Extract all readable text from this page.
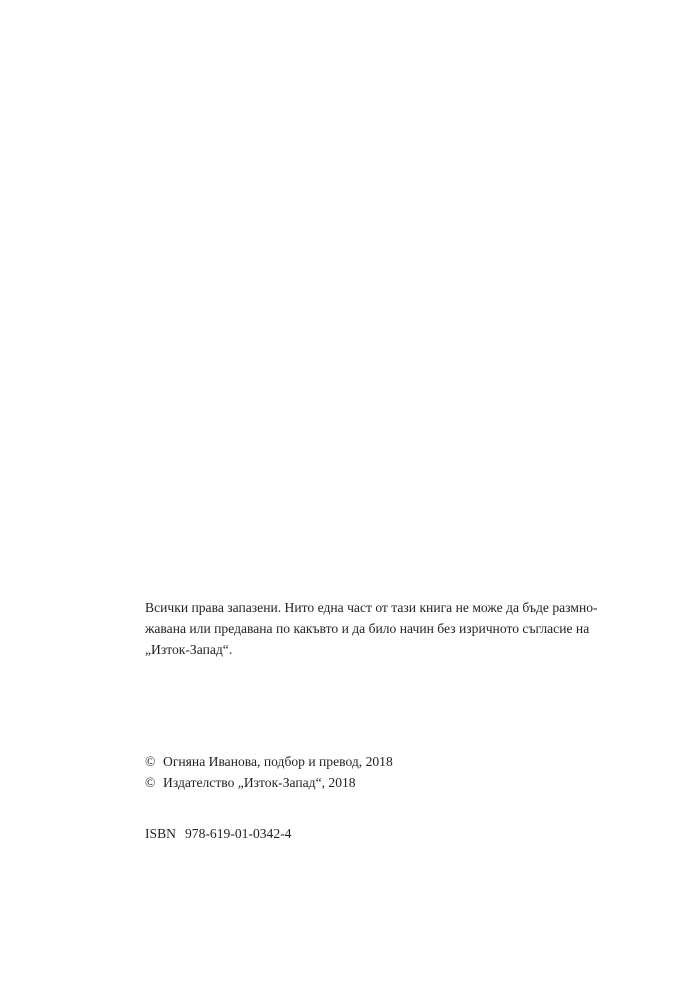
Всички права запазени. Нито една част от тази книга не може да бъде размно-
жавана или предавана по какъвто и да било начин без изричното съгласие на
„Изток-Запад“.
© Огняна Иванова, подбор и превод, 2018
© Издателство „Изток-Запад“, 2018
ISBN 978-619-01-0342-4
